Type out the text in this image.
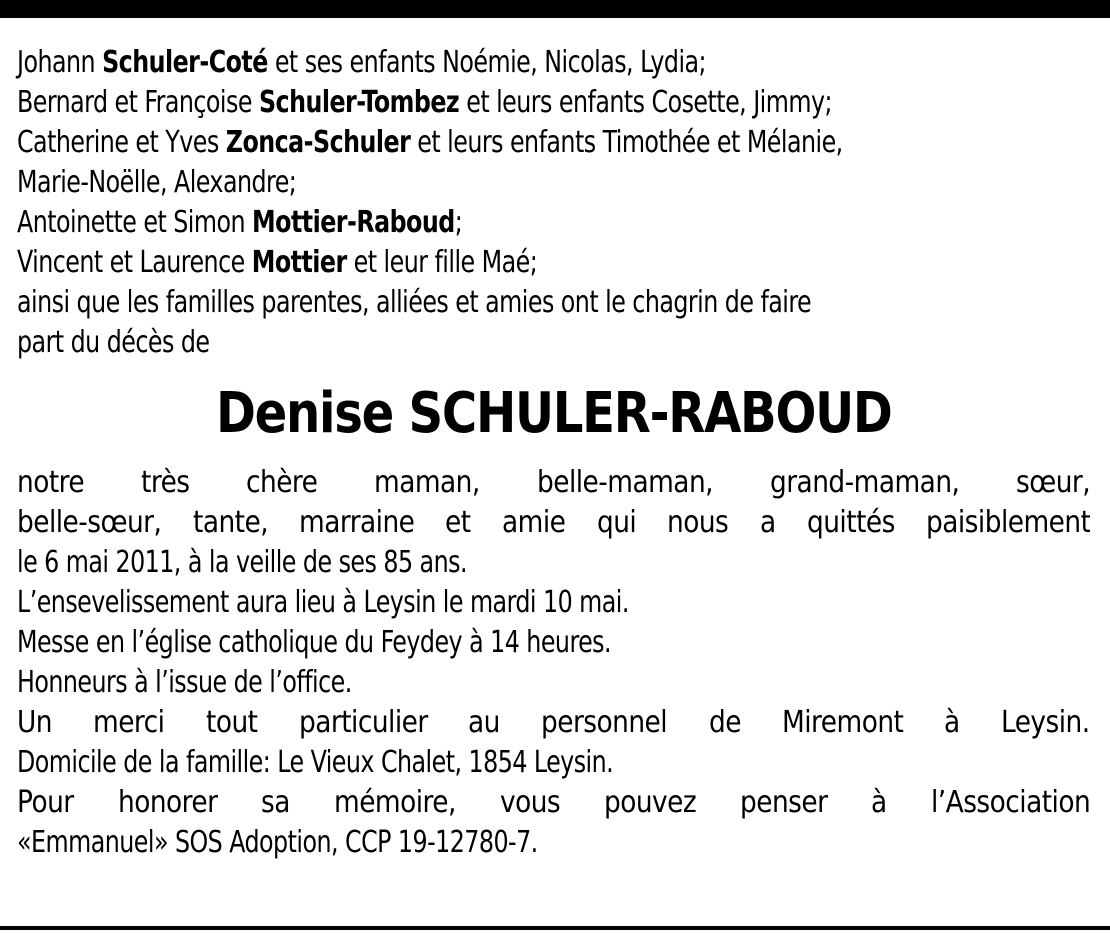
Johann Schuler-Coté et ses enfants Noémie, Nicolas, Lydia;
Bernard et Françoise Schuler-Tombez et leurs enfants Cosette, Jimmy;
Catherine et Yves Zonca-Schuler et leurs enfants Timothée et Mélanie,
Marie-Noëlle, Alexandre;
Antoinette et Simon Mottier-Raboud;
Vincent et Laurence Mottier et leur fille Maé;
ainsi que les familles parentes, alliées et amies ont le chagrin de faire
part du décès de
Denise SCHULER-RABOUD
notre très chère maman, belle-maman, grand-maman, sœur,
belle-sœur, tante, marraine et amie qui nous a quittés paisiblement
le 6 mai 2011, à la veille de ses 85 ans.
L’ensevelissement aura lieu à Leysin le mardi 10 mai.
Messe en l’église catholique du Feydey à 14 heures.
Honneurs à l’issue de l’office.
Un merci tout particulier au personnel de Miremont à Leysin.
Domicile de la famille: Le Vieux Chalet, 1854 Leysin.
Pour honorer sa mémoire, vous pouvez penser à l’Association
«Emmanuel» SOS Adoption, CCP 19-12780-7.
